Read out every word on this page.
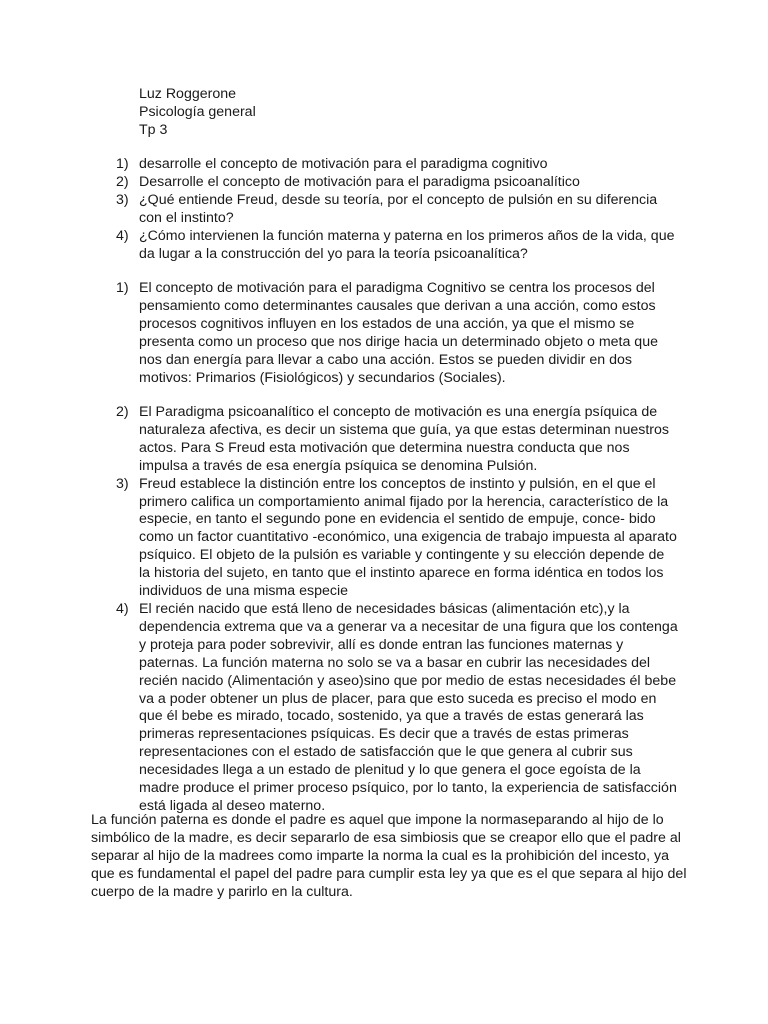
Luz Roggerone
Psicología general
Tp 3
1) desarrolle el concepto de motivación para el paradigma cognitivo
2) Desarrolle el concepto de motivación para el paradigma psicoanalítico
3) ¿Qué entiende Freud, desde su teoría, por el concepto de pulsión en su diferencia con el instinto?
4) ¿Cómo intervienen la función materna y paterna en los primeros años de la vida, que da lugar a la construcción del yo para la teoría psicoanalítica?
1) El concepto de motivación para el paradigma Cognitivo se centra los procesos del pensamiento como determinantes causales que derivan a una acción, como estos procesos cognitivos influyen en los estados de una acción, ya que el mismo se presenta como un proceso que nos dirige hacia un determinado objeto o meta que nos dan energía para llevar a cabo una acción. Estos se pueden dividir en dos motivos: Primarios (Fisiológicos) y secundarios (Sociales).
2) El Paradigma psicoanalítico el concepto de motivación es una energía psíquica de naturaleza afectiva, es decir un sistema que guía, ya que estas determinan nuestros actos. Para S Freud esta motivación que determina nuestra conducta que nos impulsa a través de esa energía psíquica se denomina Pulsión.
3) Freud establece la distinción entre los conceptos de instinto y pulsión, en el que el primero califica un comportamiento animal fijado por la herencia, característico de la especie, en tanto el segundo pone en evidencia el sentido de empuje, conce- bido como un factor cuantitativo -económico, una exigencia de trabajo impuesta al aparato psíquico. El objeto de la pulsión es variable y contingente y su elección depende de la historia del sujeto, en tanto que el instinto aparece en forma idéntica en todos los individuos de una misma especie
4) El recién nacido que está lleno de necesidades básicas (alimentación etc),y la dependencia extrema que va a generar va a necesitar de una figura que los contenga y proteja para poder sobrevivir, allí es donde entran las funciones maternas y paternas. La función materna no solo se va a basar en cubrir las necesidades del recién nacido (Alimentación y aseo)sino que por medio de estas necesidades él bebe va a poder obtener un plus de placer, para que esto suceda es preciso el modo en que él bebe es mirado, tocado, sostenido, ya que a través de estas generará las primeras representaciones psíquicas. Es decir que a través de estas primeras representaciones con el estado de satisfacción que le que genera al cubrir sus necesidades llega a un estado de plenitud y lo que genera el goce egoísta de la madre produce el primer proceso psíquico, por lo tanto, la experiencia de satisfacción está ligada al deseo materno.

La función paterna es donde el padre es aquel que impone la normaseparando al hijo de lo simbólico de la madre, es decir separarlo de esa simbiosis que se creapor ello que el padre al separar al hijo de la madrees como imparte la norma la cual es la prohibición del incesto, ya que es fundamental el papel del padre para cumplir esta ley ya que es el que separa al hijo del cuerpo de la madre y parirlo en la cultura.
